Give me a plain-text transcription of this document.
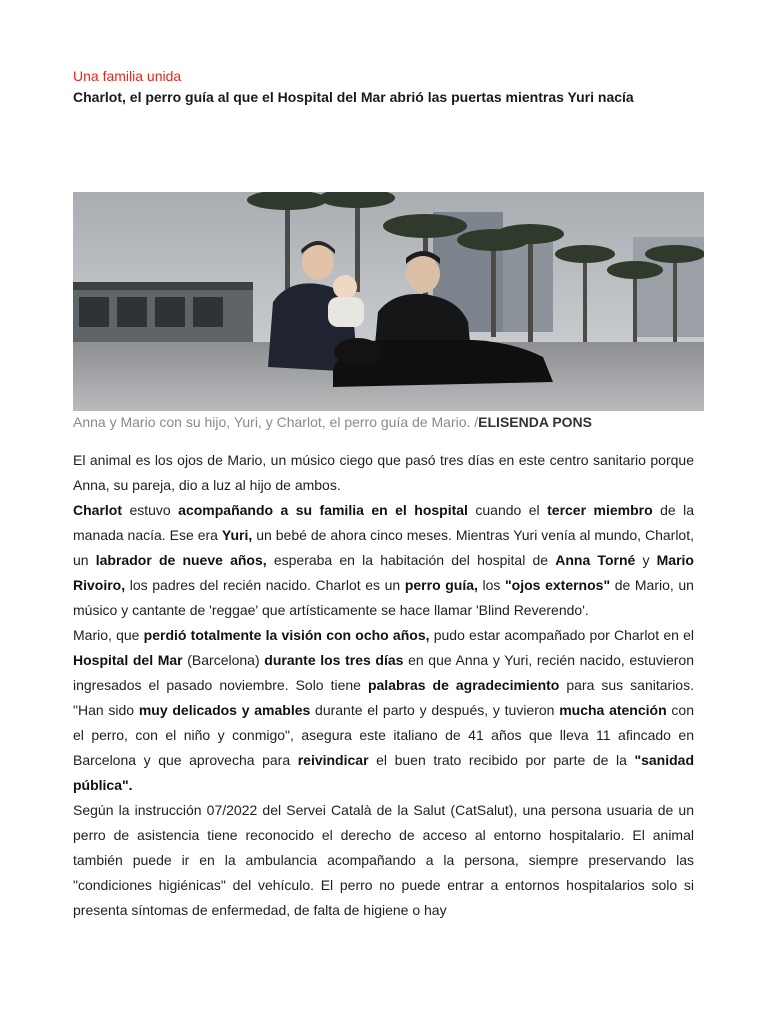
Una familia unida
Charlot, el perro guía al que el Hospital del Mar abrió las puertas mientras Yuri nacía
Anna y Mario con su hijo, Yuri, y Charlot, el perro guía de Mario. /ELISENDA PONS

El animal es los ojos de Mario, un músico ciego que pasó tres días en este centro sanitario porque Anna, su pareja, dio a luz al hijo de ambos.

Charlot estuvo acompañando a su familia en el hospital cuando el tercer miembro de la manada nacía. Ese era Yuri, un bebé de ahora cinco meses. Mientras Yuri venía al mundo, Charlot, un labrador de nueve años, esperaba en la habitación del hospital de Anna Torné y Mario Rivoiro, los padres del recién nacido. Charlot es un perro guía, los "ojos externos" de Mario, un músico y cantante de 'reggae' que artísticamente se hace llamar 'Blind Reverendo'.

Mario, que perdió totalmente la visión con ocho años, pudo estar acompañado por Charlot en el Hospital del Mar (Barcelona) durante los tres días en que Anna y Yuri, recién nacido, estuvieron ingresados el pasado noviembre. Solo tiene palabras de agradecimiento para sus sanitarios. "Han sido muy delicados y amables durante el parto y después, y tuvieron mucha atención con el perro, con el niño y conmigo", asegura este italiano de 41 años que lleva 11 afincado en Barcelona y que aprovecha para reivindicar el buen trato recibido por parte de la "sanidad pública".

Según la instrucción 07/2022 del Servei Català de la Salut (CatSalut), una persona usuaria de un perro de asistencia tiene reconocido el derecho de acceso al entorno hospitalario. El animal también puede ir en la ambulancia acompañando a la persona, siempre preservando las "condiciones higiénicas" del vehículo. El perro no puede entrar a entornos hospitalarios solo si presenta síntomas de enfermedad, de falta de higiene o hay
